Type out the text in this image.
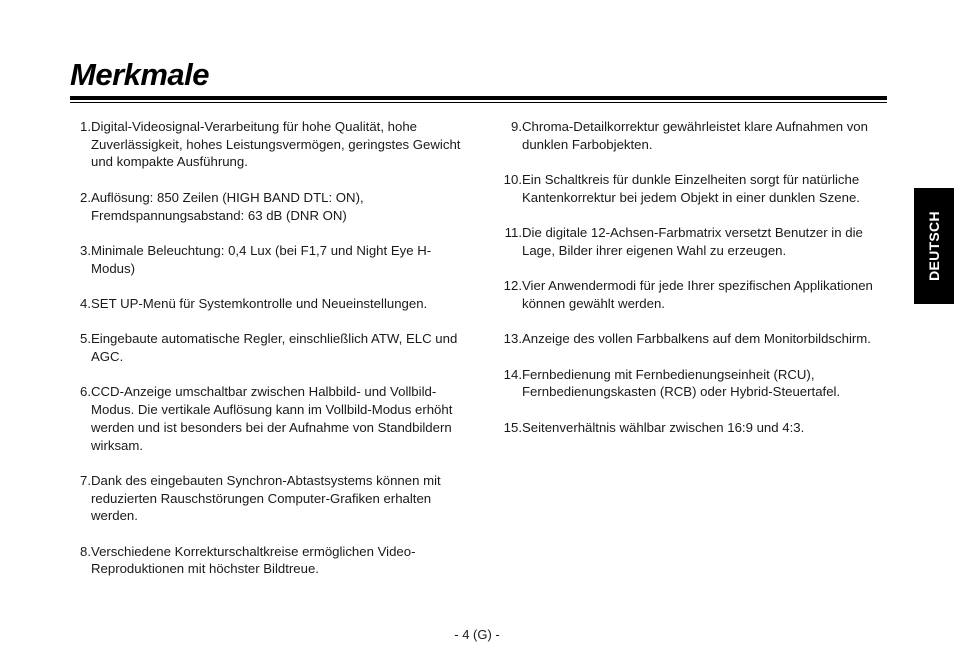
Merkmale
1. Digital-Videosignal-Verarbeitung für hohe Qualität, hohe Zuverlässigkeit, hohes Leistungsvermögen, geringstes Gewicht und kompakte Ausführung.
2. Auflösung: 850 Zeilen (HIGH BAND DTL: ON), Fremdspannungsabstand: 63 dB (DNR ON)
3. Minimale Beleuchtung: 0,4 Lux (bei F1,7 und Night Eye H-Modus)
4. SET UP-Menü für Systemkontrolle und Neueinstellungen.
5. Eingebaute automatische Regler, einschließlich ATW, ELC und AGC.
6. CCD-Anzeige umschaltbar zwischen Halbbild- und Vollbild-Modus. Die vertikale Auflösung kann im Vollbild-Modus erhöht werden und ist besonders bei der Aufnahme von Standbildern wirksam.
7. Dank des eingebauten Synchron-Abtastsystems können mit reduzierten Rauschstörungen Computer-Grafiken erhalten werden.
8. Verschiedene Korrekturschaltkreise ermöglichen Video-Reproduktionen mit höchster Bildtreue.
9. Chroma-Detailkorrektur gewährleistet klare Aufnahmen von dunklen Farbobjekten.
10. Ein Schaltkreis für dunkle Einzelheiten sorgt für natürliche Kantenkorrektur bei jedem Objekt in einer dunklen Szene.
11. Die digitale 12-Achsen-Farbmatrix versetzt Benutzer in die Lage, Bilder ihrer eigenen Wahl zu erzeugen.
12. Vier Anwendermodi für jede Ihrer spezifischen Applikationen können gewählt werden.
13. Anzeige des vollen Farbbalkens auf dem Monitorbildschirm.
14. Fernbedienung mit Fernbedienungseinheit (RCU), Fernbedienungskasten (RCB) oder Hybrid-Steuertafel.
15. Seitenverhältnis wählbar zwischen 16:9 und 4:3.
DEUTSCH

- 4 (G) -
